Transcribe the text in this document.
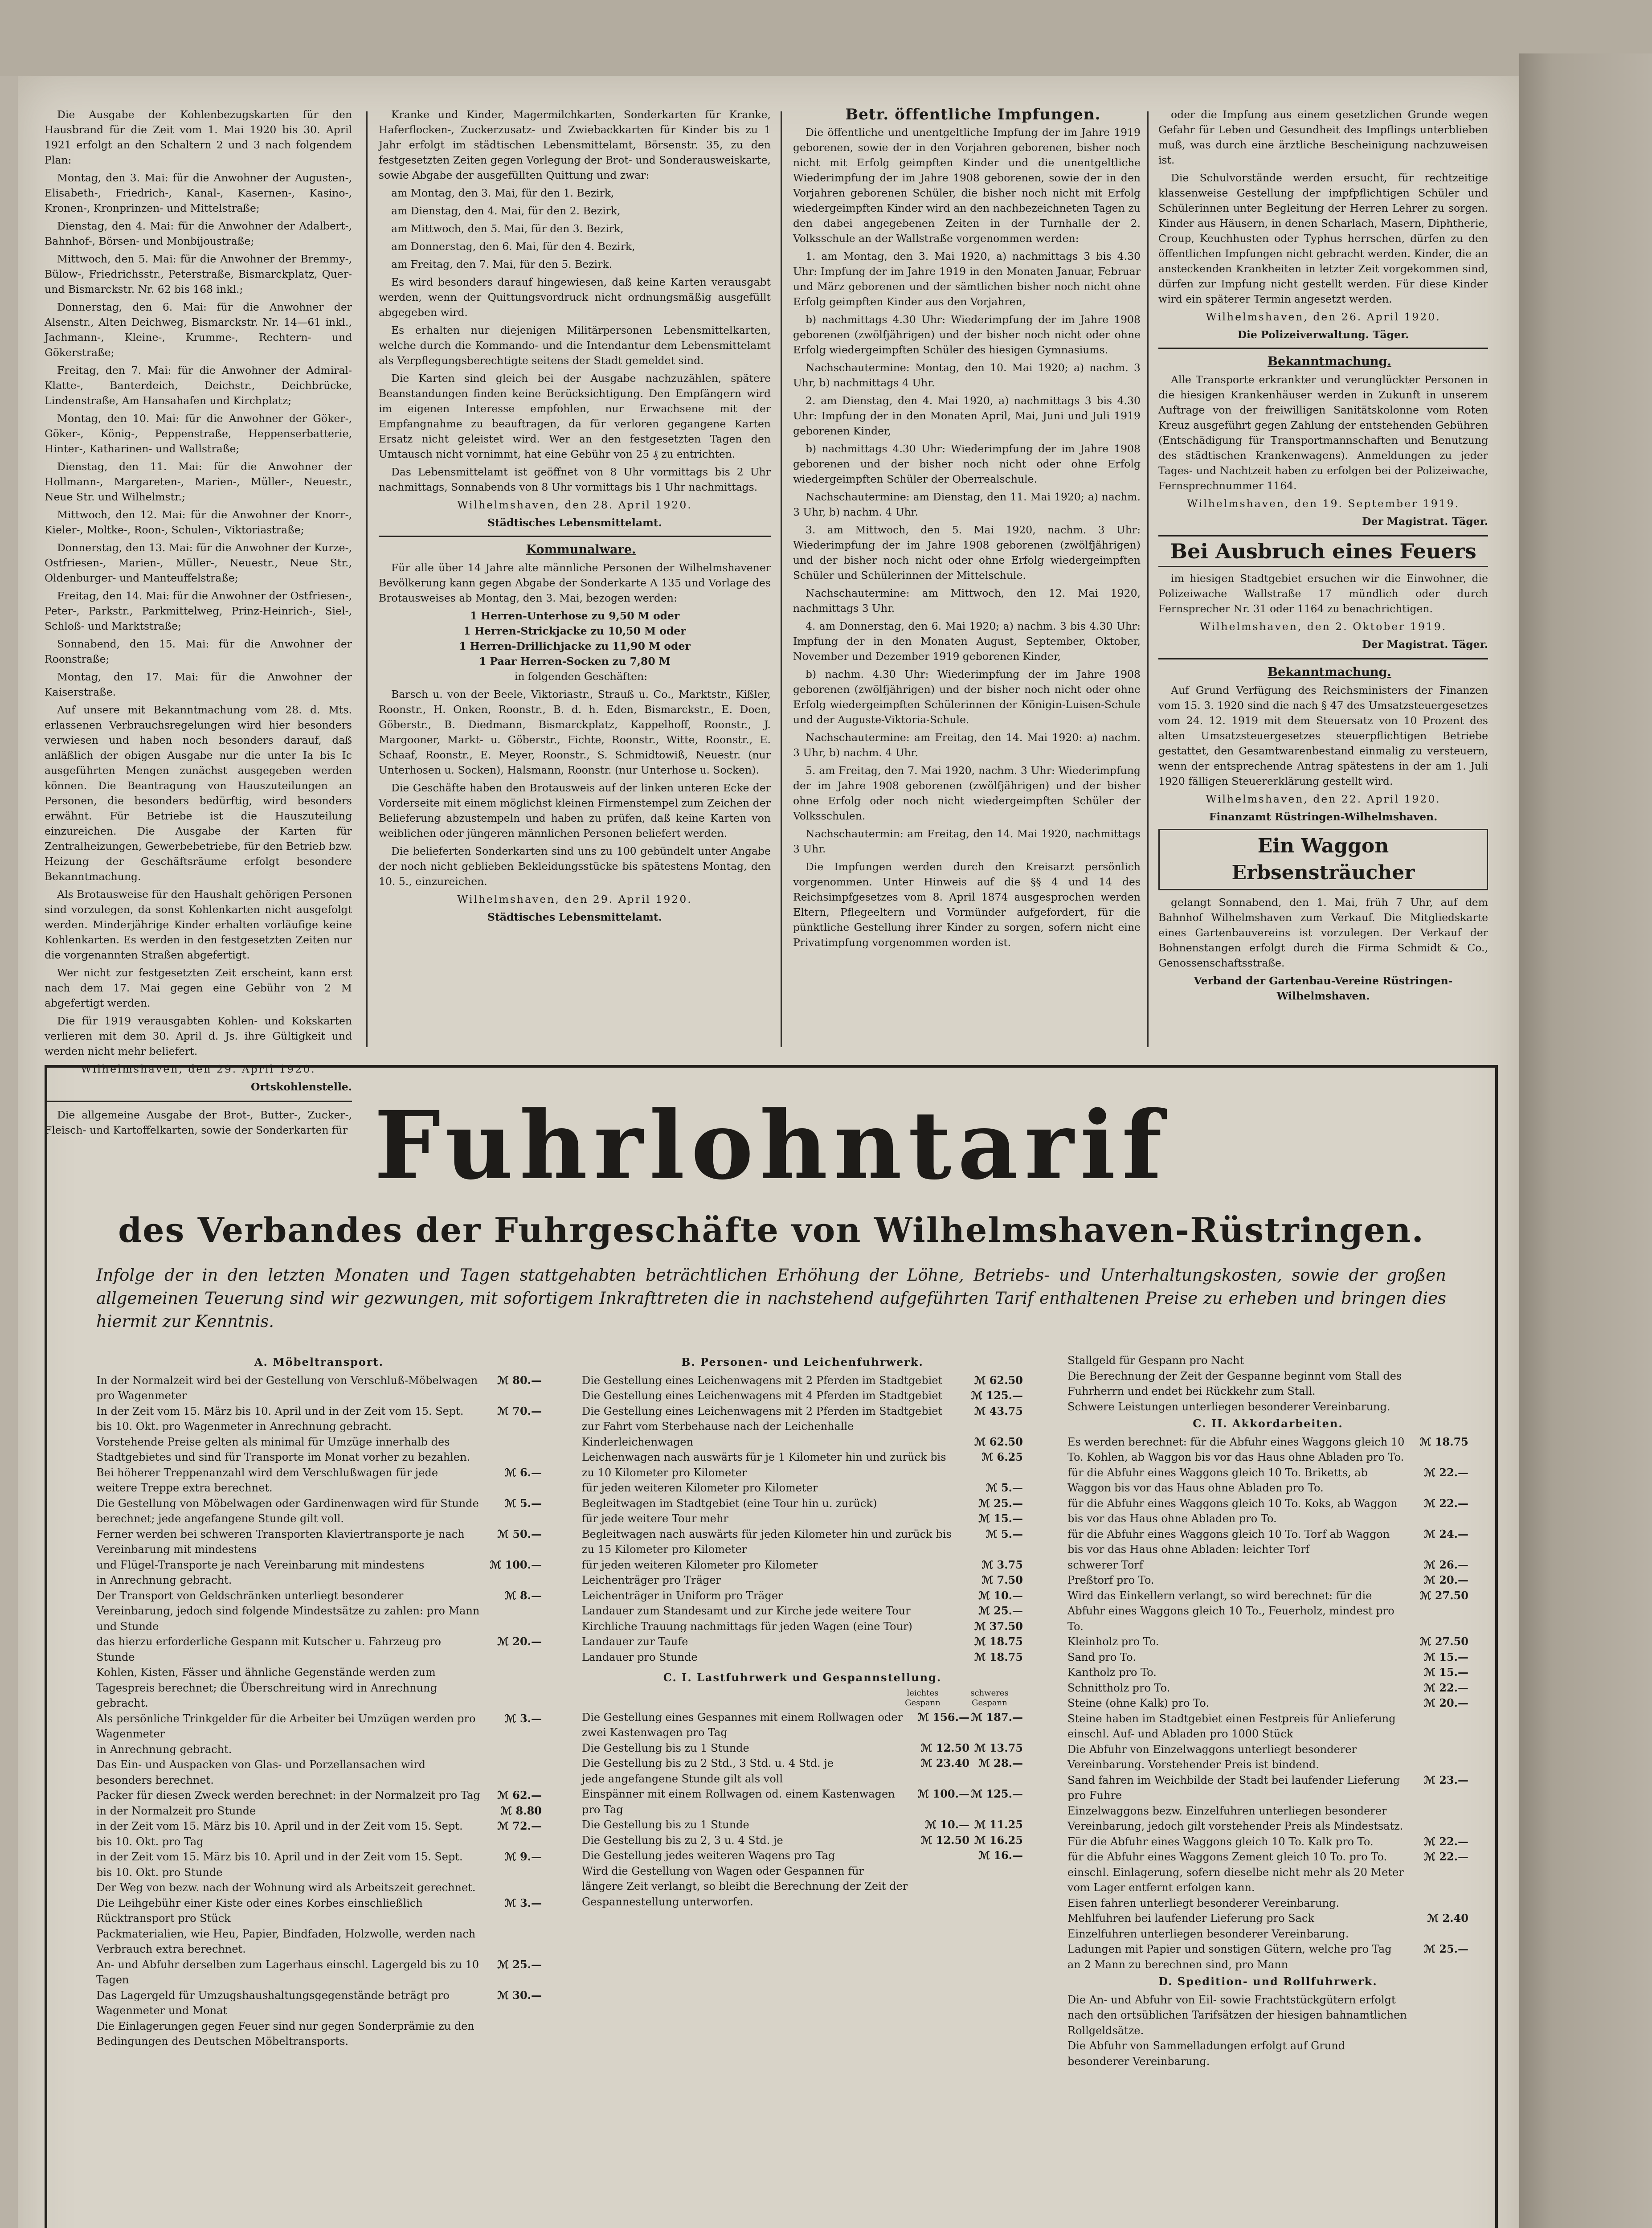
Die Ausgabe der Kohlenbezugskarten für den Hausbrand für die Zeit vom 1. Mai 1920 bis 30. April 1921 erfolgt an den Schaltern 2 und 3 nach folgendem Plan:

Montag, den 3. Mai: für die Anwohner der Augusten-, Elisabeth-, Friedrich-, Kanal-, Kasernen-, Kasino-, Kronen-, Kronprinzen- und Mittelstraße;

Dienstag, den 4. Mai: für die Anwohner der Adalbert-, Bahnhof-, Börsen- und Monbijoustraße;

Mittwoch, den 5. Mai: für die Anwohner der Bremmy-, Bülow-, Friedrichsstr., Peterstraße, Bismarckplatz, Quer- und Bismarckstr. Nr. 62 bis 168 inkl.;

Donnerstag, den 6. Mai: für die Anwohner der Alsenstr., Alten Deichweg, Bismarckstr. Nr. 14—61 inkl., Jachmann-, Kleine-, Krumme-, Rechtern- und Gökerstraße;

Freitag, den 7. Mai: für die Anwohner der Admiral-Klatte-, Banterdeich, Deichstr., Deichbrücke, Lindenstraße, Am Hansahafen und Kirchplatz;

Montag, den 10. Mai: für die Anwohner der Göker-, Göker-, König-, Peppenstraße, Heppenserbatterie, Hinter-, Katharinen- und Wallstraße;

Dienstag, den 11. Mai: für die Anwohner der Hollmann-, Margareten-, Marien-, Müller-, Neuestr., Neue Str. und Wilhelmstr.;

Mittwoch, den 12. Mai: für die Anwohner der Knorr-, Kieler-, Moltke-, Roon-, Schulen-, Viktoriastraße;

Donnerstag, den 13. Mai: für die Anwohner der Kurze-, Ostfriesen-, Marien-, Müller-, Neuestr., Neue Str., Oldenburger- und Manteuffelstraße;

Freitag, den 14. Mai: für die Anwohner der Ostfriesen-, Peter-, Parkstr., Parkmittelweg, Prinz-Heinrich-, Siel-, Schloß- und Marktstraße;

Sonnabend, den 15. Mai: für die Anwohner der Roonstraße;

Montag, den 17. Mai: für die Anwohner der Kaiserstraße.

Auf unsere mit Bekanntmachung vom 28. d. Mts. erlassenen Verbrauchsregelungen wird hier besonders verwiesen und haben noch besonders darauf, daß anläßlich der obigen Ausgabe nur die unter Ia bis Ic ausgeführten Mengen zunächst ausgegeben werden können. Die Beantragung von Hauszuteilungen an Personen, die besonders bedürftig, wird besonders erwähnt. Für Betriebe ist die Hauszuteilung einzureichen. Die Ausgabe der Karten für Zentralheizungen, Gewerbebetriebe, für den Betrieb bzw. Heizung der Geschäftsräume erfolgt besondere Bekanntmachung.

Als Brotausweise für den Haushalt gehörigen Personen sind vorzulegen, da sonst Kohlenkarten nicht ausgefolgt werden. Minderjährige Kinder erhalten vorläufige keine Kohlenkarten. Es werden in den festgesetzten Zeiten nur die vorgenannten Straßen abgefertigt.

Wer nicht zur festgesetzten Zeit erscheint, kann erst nach dem 17. Mai gegen eine Gebühr von 2 M abgefertigt werden.

Die für 1919 verausgabten Kohlen- und Kokskarten verlieren mit dem 30. April d. Js. ihre Gültigkeit und werden nicht mehr beliefert.

Wilhelmshaven, den 29. April 1920.

Ortskohlenstelle.

Die allgemeine Ausgabe der Brot-, Butter-, Zucker-, Fleisch- und Kartoffelkarten, sowie der Sonderkarten für

Kranke und Kinder, Magermilchkarten, Sonderkarten für Kranke, Haferflocken-, Zuckerzusatz- und Zwiebackkarten für Kinder bis zu 1 Jahr erfolgt im städtischen Lebensmittelamt, Börsenstr. 35, zu den festgesetzten Zeiten gegen Vorlegung der Brot- und Sonderausweiskarte, sowie Abgabe der ausgefüllten Quittung und zwar:

am Montag, den 3. Mai, für den 1. Bezirk,

am Dienstag, den 4. Mai, für den 2. Bezirk,

am Mittwoch, den 5. Mai, für den 3. Bezirk,

am Donnerstag, den 6. Mai, für den 4. Bezirk,

am Freitag, den 7. Mai, für den 5. Bezirk.

Es wird besonders darauf hingewiesen, daß keine Karten verausgabt werden, wenn der Quittungsvordruck nicht ordnungsmäßig ausgefüllt abgegeben wird.

Es erhalten nur diejenigen Militärpersonen Lebensmittelkarten, welche durch die Kommando- und die Intendantur dem Lebensmittelamt als Verpflegungsberechtigte seitens der Stadt gemeldet sind.

Die Karten sind gleich bei der Ausgabe nachzuzählen, spätere Beanstandungen finden keine Berücksichtigung. Den Empfängern wird im eigenen Interesse empfohlen, nur Erwachsene mit der Empfangnahme zu beauftragen, da für verloren gegangene Karten Ersatz nicht geleistet wird. Wer an den festgesetzten Tagen den Umtausch nicht vornimmt, hat eine Gebühr von 25 ₰ zu entrichten.

Das Lebensmittelamt ist geöffnet von 8 Uhr vormittags bis 2 Uhr nachmittags, Sonnabends von 8 Uhr vormittags bis 1 Uhr nachmittags.

Wilhelmshaven, den 28. April 1920.

Städtisches Lebensmittelamt.

Kommunalware.

Für alle über 14 Jahre alte männliche Personen der Wilhelmshavener Bevölkerung kann gegen Abgabe der Sonderkarte A 135 und Vorlage des Brotausweises ab Montag, den 3. Mai, bezogen werden:

1 Herren-Unterhose zu 9,50 M oder
1 Herren-Strickjacke zu 10,50 M oder
1 Herren-Drillichjacke zu 11,90 M oder
1 Paar Herren-Socken zu 7,80 M

in folgenden Geschäften:

Barsch u. von der Beele, Viktoriastr., Strauß u. Co., Marktstr., Kißler, Roonstr., H. Onken, Roonstr., B. d. h. Eden, Bismarckstr., E. Doen, Göberstr., B. Diedmann, Bismarckplatz, Kappelhoff, Roonstr., J. Margooner, Markt- u. Göberstr., Fichte, Roonstr., Witte, Roonstr., E. Schaaf, Roonstr., E. Meyer, Roonstr., S. Schmidtowiß, Neuestr. (nur Unterhosen u. Socken), Halsmann, Roonstr. (nur Unterhose u. Socken).

Die Geschäfte haben den Brotausweis auf der linken unteren Ecke der Vorderseite mit einem möglichst kleinen Firmenstempel zum Zeichen der Belieferung abzustempeln und haben zu prüfen, daß keine Karten von weiblichen oder jüngeren männlichen Personen beliefert werden.

Die belieferten Sonderkarten sind uns zu 100 gebündelt unter Angabe der noch nicht geblieben Bekleidungsstücke bis spätestens Montag, den 10. 5., einzureichen.

Wilhelmshaven, den 29. April 1920.

Städtisches Lebensmittelamt.

Betr. öffentliche Impfungen.

Die öffentliche und unentgeltliche Impfung der im Jahre 1919 geborenen, sowie der in den Vorjahren geborenen, bisher noch nicht mit Erfolg geimpften Kinder und die unentgeltliche Wiederimpfung der im Jahre 1908 geborenen, sowie der in den Vorjahren geborenen Schüler, die bisher noch nicht mit Erfolg wiedergeimpften Kinder wird an den nachbezeichneten Tagen zu den dabei angegebenen Zeiten in der Turnhalle der 2. Volksschule an der Wallstraße vorgenommen werden:

1. am Montag, den 3. Mai 1920, a) nachmittags 3 bis 4.30 Uhr: Impfung der im Jahre 1919 in den Monaten Januar, Februar und März geborenen und der sämtlichen bisher noch nicht ohne Erfolg geimpften Kinder aus den Vorjahren,

b) nachmittags 4.30 Uhr: Wiederimpfung der im Jahre 1908 geborenen (zwölfjährigen) und der bisher noch nicht oder ohne Erfolg wiedergeimpften Schüler des hiesigen Gymnasiums.

Nachschautermine: Montag, den 10. Mai 1920; a) nachm. 3 Uhr, b) nachmittags 4 Uhr.

2. am Dienstag, den 4. Mai 1920, a) nachmittags 3 bis 4.30 Uhr: Impfung der in den Monaten April, Mai, Juni und Juli 1919 geborenen Kinder,

b) nachmittags 4.30 Uhr: Wiederimpfung der im Jahre 1908 geborenen und der bisher noch nicht oder ohne Erfolg wiedergeimpften Schüler der Oberrealschule.

Nachschautermine: am Dienstag, den 11. Mai 1920; a) nachm. 3 Uhr, b) nachm. 4 Uhr.

3. am Mittwoch, den 5. Mai 1920, nachm. 3 Uhr: Wiederimpfung der im Jahre 1908 geborenen (zwölfjährigen) und der bisher noch nicht oder ohne Erfolg wiedergeimpften Schüler und Schülerinnen der Mittelschule.

Nachschautermine: am Mittwoch, den 12. Mai 1920, nachmittags 3 Uhr.

4. am Donnerstag, den 6. Mai 1920; a) nachm. 3 bis 4.30 Uhr: Impfung der in den Monaten August, September, Oktober, November und Dezember 1919 geborenen Kinder,

b) nachm. 4.30 Uhr: Wiederimpfung der im Jahre 1908 geborenen (zwölfjährigen) und der bisher noch nicht oder ohne Erfolg wiedergeimpften Schülerinnen der Königin-Luisen-Schule und der Auguste-Viktoria-Schule.

Nachschautermine: am Freitag, den 14. Mai 1920: a) nachm. 3 Uhr, b) nachm. 4 Uhr.

5. am Freitag, den 7. Mai 1920, nachm. 3 Uhr: Wiederimpfung der im Jahre 1908 geborenen (zwölfjährigen) und der bisher ohne Erfolg oder noch nicht wiedergeimpften Schüler der Volksschulen.

Nachschautermin: am Freitag, den 14. Mai 1920, nachmittags 3 Uhr.

Die Impfungen werden durch den Kreisarzt persönlich vorgenommen. Unter Hinweis auf die §§ 4 und 14 des Reichsimpfgesetzes vom 8. April 1874 ausgesprochen werden Eltern, Pflegeeltern und Vormünder aufgefordert, für die pünktliche Gestellung ihrer Kinder zu sorgen, sofern nicht eine Privatimpfung vorgenommen worden ist.

oder die Impfung aus einem gesetzlichen Grunde wegen Gefahr für Leben und Gesundheit des Impflings unterblieben muß, was durch eine ärztliche Bescheinigung nachzuweisen ist.

Die Schulvorstände werden ersucht, für rechtzeitige klassenweise Gestellung der impfpflichtigen Schüler und Schülerinnen unter Begleitung der Herren Lehrer zu sorgen. Kinder aus Häusern, in denen Scharlach, Masern, Diphtherie, Croup, Keuchhusten oder Typhus herrschen, dürfen zu den öffentlichen Impfungen nicht gebracht werden. Kinder, die an ansteckenden Krankheiten in letzter Zeit vorgekommen sind, dürfen zur Impfung nicht gestellt werden. Für diese Kinder wird ein späterer Termin angesetzt werden.

Wilhelmshaven, den 26. April 1920.

Die Polizeiverwaltung. Täger.

Bekanntmachung.

Alle Transporte erkrankter und verunglückter Personen in die hiesigen Krankenhäuser werden in Zukunft in unserem Auftrage von der freiwilligen Sanitätskolonne vom Roten Kreuz ausgeführt gegen Zahlung der entstehenden Gebühren (Entschädigung für Transportmannschaften und Benutzung des städtischen Krankenwagens). Anmeldungen zu jeder Tages- und Nachtzeit haben zu erfolgen bei der Polizeiwache, Fernsprechnummer 1164.

Wilhelmshaven, den 19. September 1919.

Der Magistrat. Täger.

Bei Ausbruch eines Feuers

im hiesigen Stadtgebiet ersuchen wir die Einwohner, die Polizeiwache Wallstraße 17 mündlich oder durch Fernsprecher Nr. 31 oder 1164 zu benachrichtigen.

Wilhelmshaven, den 2. Oktober 1919.

Der Magistrat. Täger.

Bekanntmachung.

Auf Grund Verfügung des Reichsministers der Finanzen vom 15. 3. 1920 sind die nach § 47 des Umsatzsteuergesetzes vom 24. 12. 1919 mit dem Steuersatz von 10 Prozent des alten Umsatzsteuergesetzes steuerpflichtigen Betriebe gestattet, den Gesamtwarenbestand einmalig zu versteuern, wenn der entsprechende Antrag spätestens in der am 1. Juli 1920 fälligen Steuererklärung gestellt wird.

Wilhelmshaven, den 22. April 1920.

Finanzamt Rüstringen-Wilhelmshaven.

Ein Waggon Erbsensträucher

gelangt Sonnabend, den 1. Mai, früh 7 Uhr, auf dem Bahnhof Wilhelmshaven zum Verkauf. Die Mitgliedskarte eines Gartenbauvereins ist vorzulegen. Der Verkauf der Bohnenstangen erfolgt durch die Firma Schmidt & Co., Genossenschaftsstraße.

Verband der Gartenbau-Vereine Rüstringen-Wilhelmshaven.

Fuhrlohntarif
des Verbandes der Fuhrgeschäfte von Wilhelmshaven-Rüstringen.
Infolge der in den letzten Monaten und Tagen stattgehabten beträchtlichen Erhöhung der Löhne, Betriebs- und Unterhaltungskosten, sowie der großen allgemeinen Teuerung sind wir gezwungen, mit sofortigem Inkrafttreten die in nachstehend aufgeführten Tarif enthaltenen Preise zu erheben und bringen dies hiermit zur Kenntnis.
A. Möbeltransport.
In der Normalzeit wird bei der Gestellung von Verschluß-Möbelwagen pro Wagenmeter
ℳ 80.—
In der Zeit vom 15. März bis 10. April und in der Zeit vom 15. Sept. bis 10. Okt. pro Wagenmeter in Anrechnung gebracht.
ℳ 70.—
Vorstehende Preise gelten als minimal für Umzüge innerhalb des Stadtgebietes und sind für Transporte im Monat vorher zu bezahlen.
Bei höherer Treppenanzahl wird dem Verschlußwagen für jede weitere Treppe extra berechnet.
ℳ 6.—
Die Gestellung von Möbelwagen oder Gardinenwagen wird für Stunde berechnet; jede angefangene Stunde gilt voll.
ℳ 5.—
Ferner werden bei schweren Transporten Klaviertransporte je nach Vereinbarung mit mindestens
ℳ 50.—
und Flügel-Transporte je nach Vereinbarung mit mindestens	ℳ 100.—
in Anrechnung gebracht.
Der Transport von Geldschränken unterliegt besonderer Vereinbarung, jedoch sind folgende Mindestsätze zu zahlen: pro Mann und Stunde
ℳ 8.—
das hierzu erforderliche Gespann mit Kutscher u. Fahrzeug pro Stunde
ℳ 20.—
Kohlen, Kisten, Fässer und ähnliche Gegenstände werden zum Tagespreis berechnet; die Überschreitung wird in Anrechnung gebracht.
Als persönliche Trinkgelder für die Arbeiter bei Umzügen werden pro Wagenmeter
ℳ 3.—
in Anrechnung gebracht.
Das Ein- und Auspacken von Glas- und Porzellansachen wird besonders berechnet.
Packer für diesen Zweck werden berechnet: in der Normalzeit pro Tag	ℳ 62.—
in der Normalzeit pro Stunde	ℳ 8.80
in der Zeit vom 15. März bis 10. April und in der Zeit vom 15. Sept. bis 10. Okt. pro Tag
ℳ 72.—
in der Zeit vom 15. März bis 10. April und in der Zeit vom 15. Sept. bis 10. Okt. pro Stunde
ℳ 9.—
Der Weg von bezw. nach der Wohnung wird als Arbeitszeit gerechnet.
Die Leihgebühr einer Kiste oder eines Korbes einschließlich Rücktransport pro Stück
ℳ 3.—
Packmaterialien, wie Heu, Papier, Bindfaden, Holzwolle, werden nach Verbrauch extra berechnet.
An- und Abfuhr derselben zum Lagerhaus einschl. Lagergeld bis zu 10 Tagen
ℳ 25.—
Das Lagergeld für Umzugshaushaltungsgegenstände beträgt pro Wagenmeter und Monat
ℳ 30.—
Die Einlagerungen gegen Feuer sind nur gegen Sonderprämie zu den Bedingungen des Deutschen Möbeltransports.
B. Personen- und Leichenfuhrwerk.
Die Gestellung eines Leichenwagens mit 2 Pferden im Stadtgebiet	ℳ 62.50
Die Gestellung eines Leichenwagens mit 4 Pferden im Stadtgebiet	ℳ 125.—
Die Gestellung eines Leichenwagens mit 2 Pferden im Stadtgebiet zur Fahrt vom Sterbehause nach der Leichenhalle
ℳ 43.75
Kinderleichenwagen	ℳ 62.50
Leichenwagen nach auswärts für je 1 Kilometer hin und zurück bis zu 10 Kilometer pro Kilometer
ℳ 6.25
für jeden weiteren Kilometer pro Kilometer	ℳ 5.—
Begleitwagen im Stadtgebiet (eine Tour hin u. zurück)	ℳ 25.—
für jede weitere Tour mehr	ℳ 15.—
Begleitwagen nach auswärts für jeden Kilometer hin und zurück bis zu 15 Kilometer pro Kilometer
ℳ 5.—
für jeden weiteren Kilometer pro Kilometer	ℳ 3.75
Leichenträger pro Träger	ℳ 7.50
Leichenträger in Uniform pro Träger	ℳ 10.—
Landauer zum Standesamt und zur Kirche jede weitere Tour	ℳ 25.—
Kirchliche Trauung nachmittags für jeden Wagen (eine Tour)	ℳ 37.50
Landauer zur Taufe	ℳ 18.75
Landauer pro Stunde	ℳ 18.75
C. I. Lastfuhrwerk und Gespannstellung.
leichtes Gespann
schweres Gespann
Die Gestellung eines Gespannes mit einem Rollwagen oder zwei Kastenwagen pro Tag
ℳ 156.— ℳ 187.—
Die Gestellung bis zu 1 Stunde	ℳ 12.50 ℳ 13.75
Die Gestellung bis zu 2 Std., 3 Std. u. 4 Std. je	ℳ 23.40 ℳ 28.—
jede angefangene Stunde gilt als voll
Einspänner mit einem Rollwagen od. einem Kastenwagen pro Tag
ℳ 100.— ℳ 125.—
Die Gestellung bis zu 1 Stunde	ℳ 10.— ℳ 11.25
Die Gestellung bis zu 2, 3 u. 4 Std. je	ℳ 12.50 ℳ 16.25
Die Gestellung jedes weiteren Wagens pro Tag	ℳ 16.—
Wird die Gestellung von Wagen oder Gespannen für längere Zeit verlangt, so bleibt die Berechnung der Zeit der Gespannestellung unterworfen.
Stallgeld für Gespann pro Nacht
Die Berechnung der Zeit der Gespanne beginnt vom Stall des Fuhrherrn und endet bei Rückkehr zum Stall.
Schwere Leistungen unterliegen besonderer Vereinbarung.
C. II. Akkordarbeiten.
Es werden berechnet: für die Abfuhr eines Waggons gleich 10 To. Kohlen, ab Waggon bis vor das Haus ohne Abladen pro To.
ℳ 18.75
für die Abfuhr eines Waggons gleich 10 To. Briketts, ab Waggon bis vor das Haus ohne Abladen pro To.
ℳ 22.—
für die Abfuhr eines Waggons gleich 10 To. Koks, ab Waggon bis vor das Haus ohne Abladen pro To.
ℳ 22.—
für die Abfuhr eines Waggons gleich 10 To. Torf ab Waggon bis vor das Haus ohne Abladen: leichter Torf
ℳ 24.—
schwerer Torf	ℳ 26.—
Preßtorf pro To.	ℳ 20.—
Wird das Einkellern verlangt, so wird berechnet: für die Abfuhr eines Waggons gleich 10 To., Feuerholz, mindest pro To.
ℳ 27.50
Kleinholz pro To.	ℳ 27.50
Sand pro To.	ℳ 15.—
Kantholz pro To.	ℳ 15.—
Schnittholz pro To.	ℳ 22.—
Steine (ohne Kalk) pro To.	ℳ 20.—
Steine haben im Stadtgebiet einen Festpreis für Anlieferung einschl. Auf- und Abladen pro 1000 Stück
Die Abfuhr von Einzelwaggons unterliegt besonderer Vereinbarung. Vorstehender Preis ist bindend.
Sand fahren im Weichbilde der Stadt bei laufender Lieferung pro Fuhre
ℳ 23.—
Einzelwaggons bezw. Einzelfuhren unterliegen besonderer Vereinbarung, jedoch gilt vorstehender Preis als Mindestsatz.
Für die Abfuhr eines Waggons gleich 10 To. Kalk pro To.	ℳ 22.—
für die Abfuhr eines Waggons Zement gleich 10 To. pro To.	ℳ 22.—
einschl. Einlagerung, sofern dieselbe nicht mehr als 20 Meter vom Lager entfernt erfolgen kann.
Eisen fahren unterliegt besonderer Vereinbarung.
Mehlfuhren bei laufender Lieferung pro Sack	ℳ 2.40
Einzelfuhren unterliegen besonderer Vereinbarung.
Ladungen mit Papier und sonstigen Gütern, welche pro Tag an 2 Mann zu berechnen sind, pro Mann
ℳ 25.—
D. Spedition- und Rollfuhrwerk.
Die An- und Abfuhr von Eil- sowie Frachtstückgütern erfolgt nach den ortsüblichen Tarifsätzen der hiesigen bahnamtlichen Rollgeldsätze.
Die Abfuhr von Sammelladungen erfolgt auf Grund besonderer Vereinbarung.
